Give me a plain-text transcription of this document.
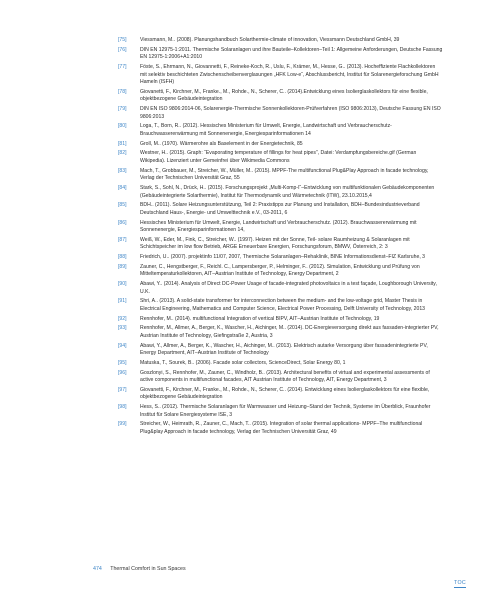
[75]	Viessmann, M.. (2008). Planungshandbuch Solarthermie-climate of innovation, Viessmann Deutschland GmbH, 39
[76]	DIN EN 12975-1:2011. Thermische Solaranlagen und ihre Bauteile–Kollektoren–Teil 1: Allgemeine Anforderungen, Deutsche Fassung EN 12975-1:2006+A1:2010
[77]	Föste, S., Ehrmann, N., Giovannetti, F., Reineke-Koch, R., Uslu, F., Krämer, M., Hesse, G.. (2013). Hocheffiziente Flachkollektoren mit selektiv beschichteten Zwischenscheibenverglasungen „HFK Low-e“, Abschlussbericht, Institut für Solarenergieforschung GmbH Hameln (ISFH)
[78]	Giovanetti, F., Kirchner, M., Franke., M., Rohde., N., Scherer, C.. (2014).Entwicklung eines Isolierglaskollektors für eine flexible, objektbezogene Gebäudeintegration
[79]	DIN EN ISO 9806:2014-06, Solarenergie-Thermische Sonnenkollektoren-Prüfverfahren (ISO 9806:2013), Deutsche Fassung EN ISO 9806:2013
[80]	Loga, T., Born, R.. (2012). Hessisches Ministerium für Umwelt, Energie, Landwirtschaft und Verbraucherschutz-Brauchwassererwärmung mit Sonnenenergie, Energiesparinformationen 14
[81]	Groll, M.. (1970). Wärmerohre als Baselement in der Energietechnik, 85
[82]	Westner, H.. (2015). Graph: “Evaporating temperature of fillings for heat pipes”, Datei: Verdampfungsbereiche.gif (German Wikipedia). Lizenziert unter Gemeinfrei über Wikimedia Commons
[83]	Mach, T., Grobbauer, M., Streicher, W., Müller, M.. (2015). MPPF-The multifunctional Plug&Play Approach in facade technology, Verlag der Technischen Universität Graz, 55
[84]	Stark, S., Sohl, N., Drück, H.. (2015). Forschungsprojekt „Multi-Komp-I“–Entwicklung von multifunktionalen Gebäudekomponenten (Gebäudeintegrierte Solarthermie), Institut für Thermodynamik und Wärmetechnik (ITW), 23.10.2015,4
[85]	BDH.. (2011). Solare Heizungsunterstützung, Teil 2: Praxistipps zur Planung und Installation, BDH–Bundesindustrieverband Deutschland Haus-, Energie- und Umwelttechnik e.V., 03-2011, 6
[86]	Hessisches Ministerium für Umwelt, Energie, Landwirtschaft und Verbraucherschutz. (2012). Brauchwassererwärmung mit Sonnenenergie, Energiesparinformationen 14,
[87]	Weiß, W., Eder, M., Fink, C., Streicher, W.. (1997). Heizen mit der Sonne, Teil- solare Raumheizung & Solaranlagen mit Schichtspeicher im low flow Betrieb, ARGE Erneuerbare Energien, Forschungsforum, BMWV, Österreich, 2: 3
[88]	Friedrich, U.. (2007). projektinfo 11/07, 2007, Thermische Solaranlagen–Rehaklinik, BINE Informationsdienst–FIZ Karlsruhe, 3
[89]	Zauner, C., Hengstberger, F., Reichl. C., Lampersberger, P., Helminger, F.. (2012). Simulation, Entwicklung und Prüfung von Mitteltemperaturkollektoren, AIT–Austrian Institute of Technology, Energy Department, 2
[90]	Abawi, Y.. (2014). Analysis of Direct DC-Power Usage of facade-integrated photovoltaics in a test façade, Loughborough University, U.K.
[91]	Shri, A.. (2013). A solid-state transformer for interconnection between the medium- and the low-voltage grid, Master Thesis in Electrical Engineering, Mathematics and Computer Science, Electrical Power Processing, Delft University of Technology, 2013
[92]	Rennhofer, M.. (2014). multifunctional Integration of vertical BIPV, AIT–Austrian Institute of Technology, 19
[93]	Rennhofer, M., Allmer, A., Berger, K., Wascher, H., Aichinger, M.. (2014). DC-Energieversorgung direkt aus fassaden-integrierter PV, Austrian Institute of Technology, Giefingstraße 2, Austria, 3
[94]	Abawi, Y., Allmer, A., Berger, K., Wascher, H., Aichinger, M.. (2013). Elektrisch autarke Versorgung über fassadenintegrierte PV, Energy Department, AIT–Austrian Institute of Technology
[95]	Matuska, T., Sourek, B.. (2006). Facade solar collectors, ScienceDirect, Solar Energy 80, 1
[96]	Goszlonyi, S., Rennhofer, M., Zauner, C., Windholz, B.. (2013). Architectural benefits of virtual and experimental assessments of active components in multifunctional facades, AIT Austrian Institute of Technology, AIT, Energy Department, 3
[97]	Giovanetti, F., Kirchner, M., Franke., M., Rohde., N., Scherer, C.. (2014). Entwicklung eines Isolierglaskollektors für eine flexible, objektbezogene Gebäudeintegration
[98]	Hess, S.. (2012). Thermische Solaranlagen für Warmwasser und Heizung–Stand der Technik, Systeme im Überblick, Fraunhofer Institut für Solare Energiesysteme ISE, 3
[99]	Streicher, W., Heimrath, R., Zauner, C., Mach, T.. (2015). Integration of solar thermal applications- MPPF–The multifunctional Plug&play Approach in facade technology, Verlag der Technischen Universität Graz, 49
474 Thermal Comfort in Sun Spaces
TOC
